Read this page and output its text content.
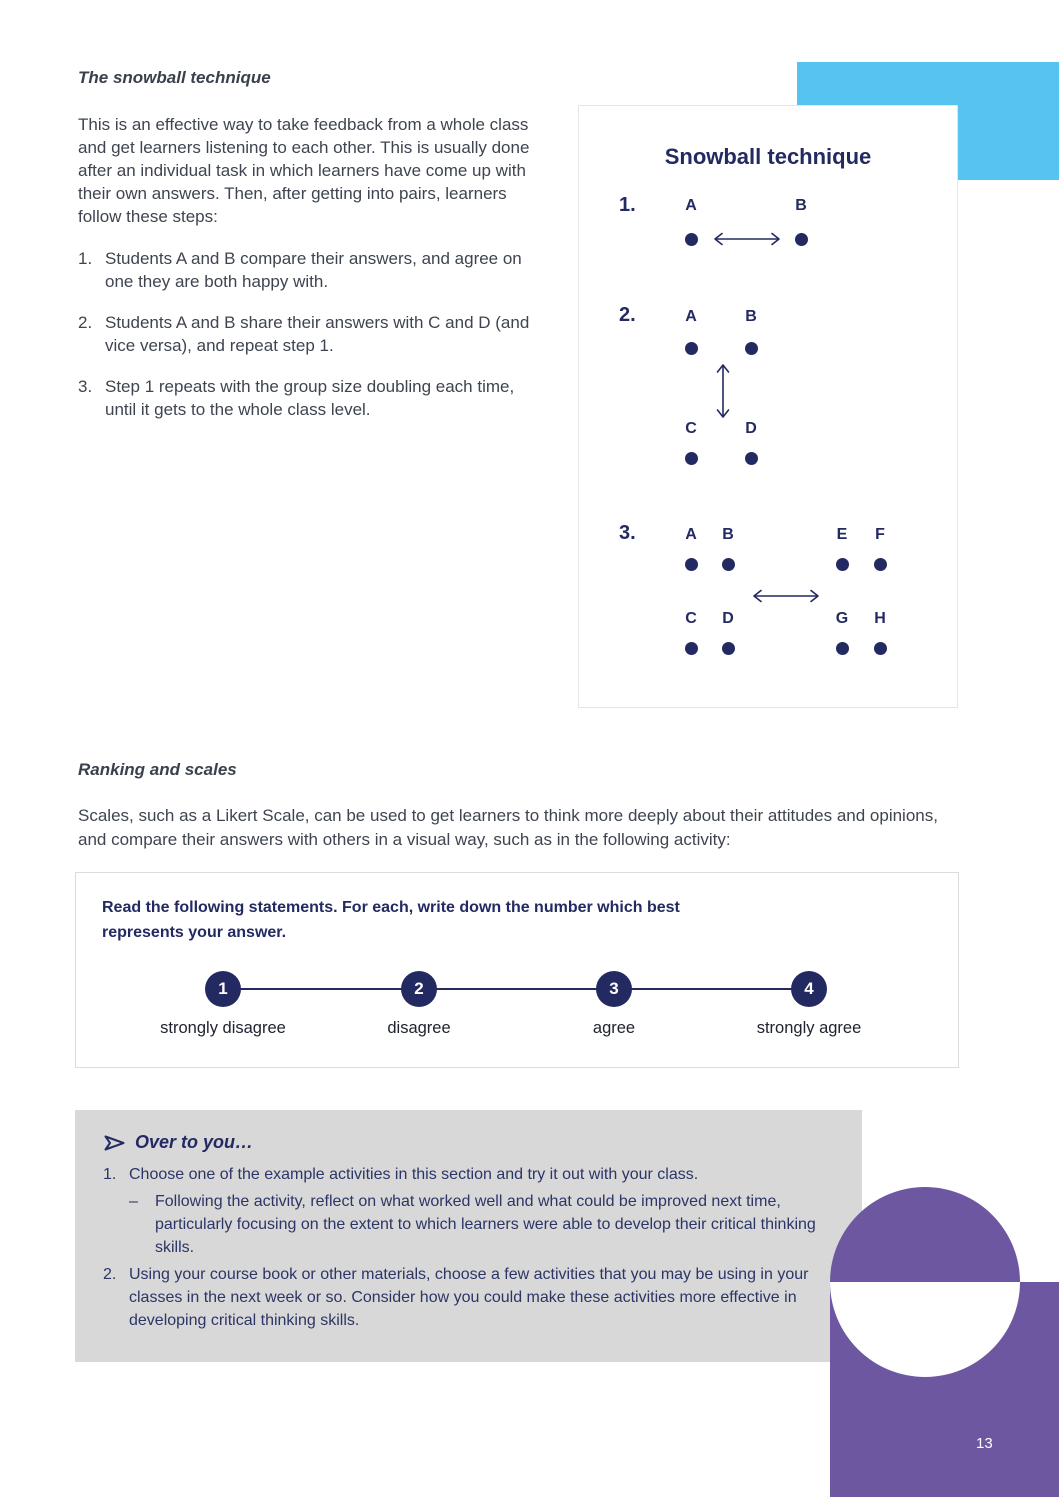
The snowball technique

This is an effective way to take feedback from a whole class and get learners listening to each other. This is usually done after an individual task in which learners have come up with their own answers. Then, after getting into pairs, learners follow these steps:

1. Students A and B compare their answers, and agree on one they are both happy with.
2. Students A and B share their answers with C and D (and vice versa), and repeat step 1.
3. Step 1 repeats with the group size doubling each time, until it gets to the whole class level.
Snowball technique
1.	A	B
2.	A	B
C	D
3.	A B	E	F
C D	G H
Ranking and scales

Scales, such as a Likert Scale, can be used to get learners to think more deeply about their attitudes and opinions, and compare their answers with others in a visual way, such as in the following activity:

Read the following statements. For each, write down the number which best represents your answer.

1	2	3	4
strongly disagree	disagree	agree	strongly agree
Over to you…
1. Choose one of the example activities in this section and try it out with your class.
–	Following the activity, reflect on what worked well and what could be improved next time, particularly focusing on the extent to which learners were able to develop their critical thinking skills.
2. Using your course book or other materials, choose a few activities that you may be using in your classes in the next week or so. Consider how you could make these activities more effective in developing critical thinking skills.
13
